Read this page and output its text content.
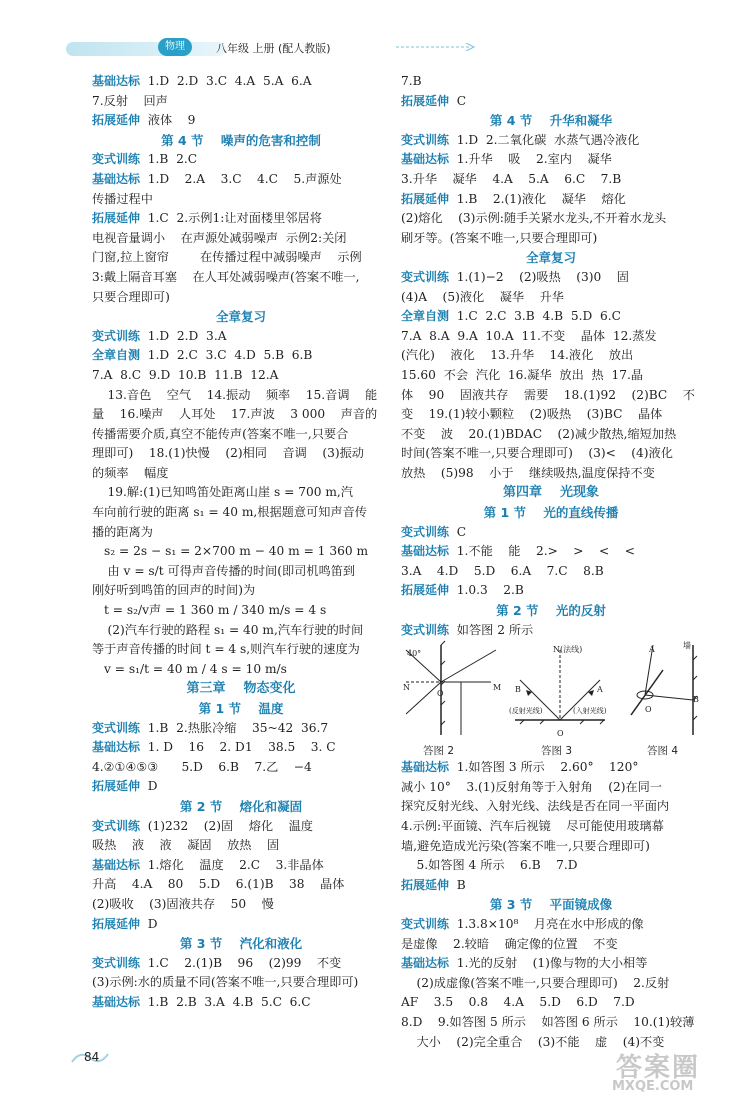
物理	八年级 上册 (配人教版)
基础达标 1.D  2.D  3.C  4.A  5.A  6.A
7.反射    回声
拓展延伸 液体    9
第 4 节    噪声的危害和控制
变式训练 1.B  2.C
基础达标 1.D    2.A    3.C    4.C    5.声源处
传播过程中
拓展延伸 1.C  2.示例1:让对面楼里邻居将
电视音量调小    在声源处减弱噪声  示例2:关闭
门窗,拉上窗帘        在传播过程中减弱噪声    示例
3:戴上隔音耳塞    在人耳处减弱噪声(答案不唯一,
只要合理即可)
全章复习
变式训练 1.D  2.D  3.A
全章自测 1.D  2.C  3.C  4.D  5.B  6.B
7.A  8.C  9.D  10.B  11.B  12.A
13.音色    空气    14.振动    频率    15.音调    能
量    16.噪声    人耳处    17.声波    3 000    声音的
传播需要介质,真空不能传声(答案不唯一,只要合
理即可)    18.(1)快慢    (2)相同    音调    (3)振动
的频率    幅度
19.解:(1)已知鸣笛处距离山崖 s = 700 m,汽
车向前行驶的距离 s₁ = 40 m,根据题意可知声音传
播的距离为
s₂ = 2s − s₁ = 2×700 m − 40 m = 1 360 m
由 v = s/t 可得声音传播的时间(即司机鸣笛到
刚好听到鸣笛的回声的时间)为
t = s₂/v声 = 1 360 m / 340 m/s = 4 s
(2)汽车行驶的路程 s₁ = 40 m,汽车行驶的时间
等于声音传播的时间 t = 4 s,则汽车行驶的速度为
v = s₁/t = 40 m / 4 s = 10 m/s
第三章    物态变化
第 1 节    温度
变式训练 1.B  2.热胀冷缩    35~42  36.7
基础达标 1. D    16    2. D1    38.5    3. C
4.②①④⑤③      5.D    6.B    7.乙    −4
拓展延伸 D
第 2 节    熔化和凝固
变式训练 (1)232    (2)固    熔化    温度
吸热    液    液    凝固    放热    固
基础达标 1.熔化    温度    2.C    3.非晶体
升高    4.A    80    5.D    6.(1)B    38    晶体
(2)吸收    (3)固液共存    50    慢
拓展延伸 D
第 3 节    汽化和液化
变式训练 1.C    2.(1)B    96    (2)99    不变
(3)示例:水的质量不同(答案不唯一,只要合理即可)
基础达标 1.B  2.B  3.A  4.B  5.C  6.C
7.B
拓展延伸 C
第 4 节    升华和凝华
变式训练 1.D  2.二氧化碳  水蒸气遇冷液化
基础达标 1.升华    吸    2.室内    凝华
3.升华    凝华    4.A    5.A    6.C    7.B
拓展延伸 1.B    2.(1)液化    凝华    熔化
(2)熔化    (3)示例:随手关紧水龙头,不开着水龙头
刷牙等。(答案不唯一,只要合理即可)
全章复习
变式训练 1.(1)−2    (2)吸热    (3)0    固
(4)A    (5)液化    凝华    升华
全章自测 1.C  2.C  3.B  4.B  5.D  6.C
7.A  8.A  9.A  10.A  11.不变    晶体  12.蒸发
(汽化)    液化    13.升华    14.液化    放出
15.60  不会  汽化  16.凝华  放出  热  17.晶
体    90    固液共存    需要    18.(1)92    (2)BC    不
变    19.(1)较小颗粒    (2)吸热    (3)BC    晶体
不变    波    20.(1)BDAC    (2)减少散热,缩短加热
时间(答案不唯一,只要合理即可)    (3)<    (4)液化
放热    (5)98    小于    继续吸热,温度保持不变
第四章    光现象
第 1 节    光的直线传播
变式训练 C
基础达标 1.不能    能    2.>    >    <    <
3.A    4.D    5.D    6.A    7.C    8.B
拓展延伸 1.0.3    2.B
第 2 节    光的反射
变式训练 如答图 2 所示
答图 2	答图 3	答图 4
40°
O
N	M
N(法线)
B	A
O
(反射光线)	(入射光线)
墙
A
B
O
基础达标 1.如答图 3 所示    2.60°    120°
减小 10°    3.(1)反射角等于入射角    (2)在同一
探究反射光线、入射光线、法线是否在同一平面内
4.示例:平面镜、汽车后视镜    尽可能使用玻璃幕
墙,避免造成光污染(答案不唯一,只要合理即可)
5.如答图 4 所示    6.B    7.D
拓展延伸 B
第 3 节    平面镜成像
变式训练 1.3.8×10⁸    月亮在水中形成的像
是虚像    2.较暗    确定像的位置    不变
基础达标 1.光的反射    (1)像与物的大小相等
(2)成虚像(答案不唯一,只要合理即可)    2.反射
AF    3.5    0.8    4.A    5.D    6.D    7.D
8.D    9.如答图 5 所示    如答图 6 所示    10.(1)较薄
大小    (2)完全重合    (3)不能    虚    (4)不变
84	答案圈
MXQE.COM
